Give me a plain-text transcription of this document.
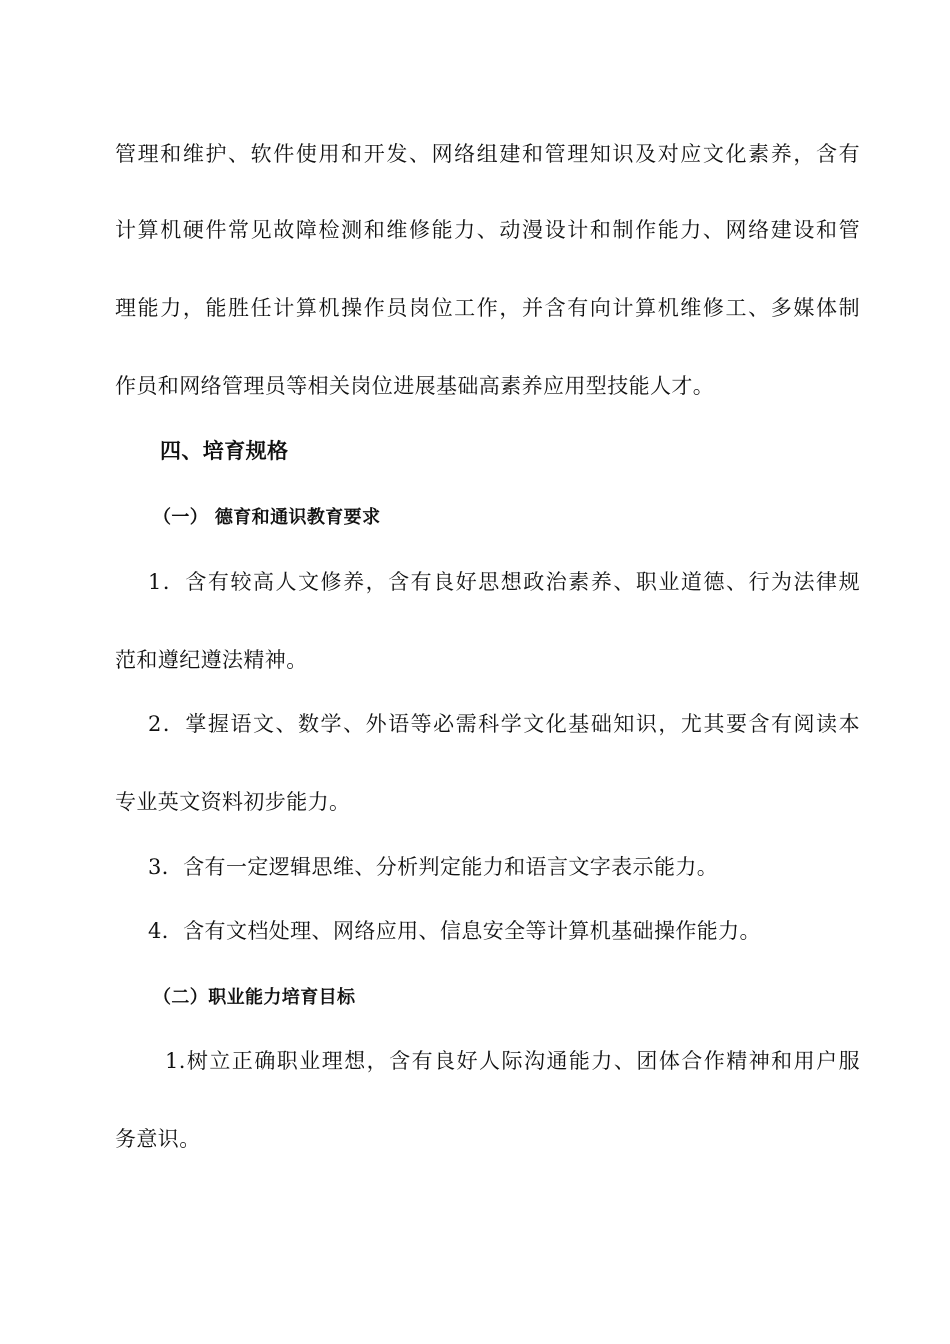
管理和维护、软件使用和开发、网络组建和管理知识及对应文化素养，含有
计算机硬件常见故障检测和维修能力、动漫设计和制作能力、网络建设和管
理能力，能胜任计算机操作员岗位工作，并含有向计算机维修工、多媒体制
作员和网络管理员等相关岗位进展基础高素养应用型技能人才。
四、培育规格
（一） 德育和通识教育要求
1．含有较高人文修养，含有良好思想政治素养、职业道德、行为法律规
范和遵纪遵法精神。
2．掌握语文、数学、外语等必需科学文化基础知识，尤其要含有阅读本
专业英文资料初步能力。
3．含有一定逻辑思维、分析判定能力和语言文字表示能力。
4．含有文档处理、网络应用、信息安全等计算机基础操作能力。
（二）职业能力培育目标
1.树立正确职业理想，含有良好人际沟通能力、团体合作精神和用户服
务意识。
